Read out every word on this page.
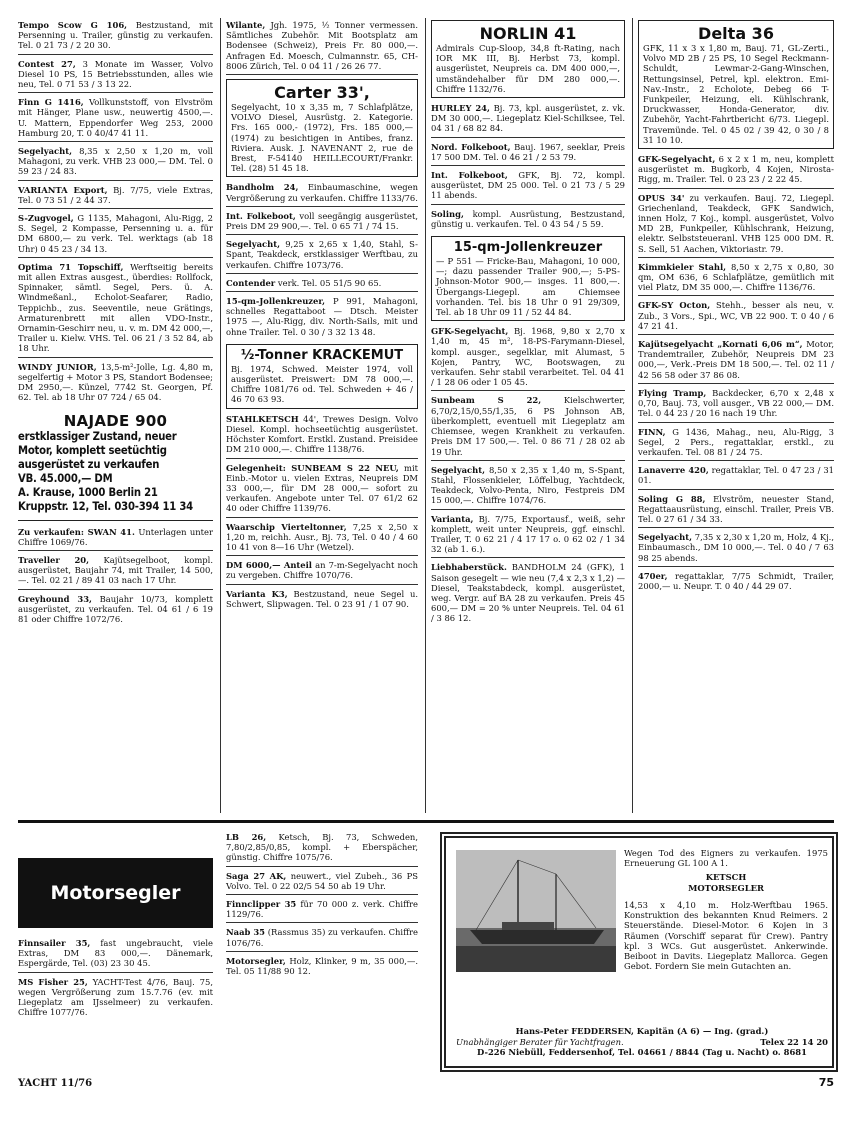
Tempo Scow G 106, Bestzustand, mit Persenning u. Trailer, günstig zu verkaufen. Tel. 0 21 73 / 2 20 30.

Contest 27, 3 Monate im Wasser, Volvo Diesel 10 PS, 15 Betriebsstunden, alles wie neu, Tel. 0 71 53 / 3 13 22.

Finn G 1416, Vollkunststoff, von Elvström mit Hänger, Plane usw., neuwertig 4500,—. U. Mattern, Eppendorfer Weg 253, 2000 Hamburg 20, T. 0 40/47 41 11.

Segelyacht, 8,35 x 2,50 x 1,20 m, voll Mahagoni, zu verk. VHB 23 000,— DM. Tel. 0 59 23 / 24 83.

VARIANTA Export, Bj. 7/75, viele Extras, Tel. 0 73 51 / 2 44 37.

S-Zugvogel, G 1135, Mahagoni, Alu-Rigg, 2 S. Segel, 2 Kompasse, Persenning u. a. für DM 6800,— zu verk. Tel. werktags (ab 18 Uhr) 0 45 23 / 34 13.

Optima 71 Topschiff, Werftseitig bereits mit allen Extras ausgest., überdies: Rollfock, Spinnaker, sämtl. Segel, Pers. ü. A. Windmeßanl., Echolot-Seafarer, Radio, Teppichb., zus. Seeventile, neue Grätings, Armaturenbrett mit allen VDO-Instr., Ornamin-Geschirr neu, u. v. m. DM 42 000,—, Trailer u. Kielw. VHS. Tel. 06 21 / 3 52 84, ab 18 Uhr.

WINDY JUNIOR, 13,5-m²-Jolle, Lg. 4,80 m, segelfertig + Motor 3 PS, Standort Bodensee; DM 2950,—. Künzel, 7742 St. Georgen, Pf. 62. Tel. ab 18 Uhr 07 724 / 65 04.

NAJADE 900
erstklassiger Zustand, neuer
Motor, komplett seetüchtig
ausgerüstet zu verkaufen
VB. 45.000,— DM
A. Krause, 1000 Berlin 21
Kruppstr. 12, Tel. 030-394 11 34

Zu verkaufen: SWAN 41. Unterlagen unter Chiffre 1069/76.

Traveller 20, Kajütsegelboot, kompl. ausgerüstet, Baujahr 74, mit Trailer, 14 500,—. Tel. 02 21 / 89 41 03 nach 17 Uhr.

Greyhound 33, Baujahr 10/73, komplett ausgerüstet, zu verkaufen. Tel. 04 61 / 6 19 81 oder Chiffre 1072/76.

Wilante, Jgh. 1975, ½ Tonner vermessen. Sämtliches Zubehör. Mit Bootsplatz am Bodensee (Schweiz), Preis Fr. 80 000,—. Anfragen Ed. Moesch, Culmannstr. 65, CH-8006 Zürich, Tel. 0 04 11 / 26 26 77.

Carter 33',
Segelyacht, 10 x 3,35 m, 7 Schlafplätze, VOLVO Diesel, Ausrüstg. 2. Kategorie. Frs. 165 000,- (1972), Frs. 185 000,— (1974) zu besichtigen in Antibes, franz. Riviera. Ausk. J. NAVENANT 2, rue de Brest, F-54140 HEILLECOURT/Frankr. Tel. (28) 51 45 18.

Bandholm 24, Einbaumaschine, wegen Vergrößerung zu verkaufen. Chiffre 1133/76.

Int. Folkeboot, voll seegängig ausgerüstet, Preis DM 29 900,—. Tel. 0 65 71 / 74 15.

Segelyacht, 9,25 x 2,65 x 1,40, Stahl, S-Spant, Teakdeck, erstklassiger Werftbau, zu verkaufen. Chiffre 1073/76.

Contender verk. Tel. 05 51/5 90 65.

15-qm-Jollenkreuzer, P 991, Mahagoni, schnelles Regattaboot — Dtsch. Meister 1975 —, Alu-Rigg, div. North-Sails, mit und ohne Trailer. Tel. 0 30 / 3 32 13 48.

½-Tonner KRACKEMUT
Bj. 1974, Schwed. Meister 1974, voll ausgerüstet. Preiswert: DM 78 000,—. Chiffre 1081/76 od. Tel. Schweden + 46 / 46 70 63 93.

STAHLKETSCH 44', Trewes Design. Volvo Diesel. Kompl. hochseetüchtig ausgerüstet. Höchster Komfort. Erstkl. Zustand. Preisidee DM 210 000,—. Chiffre 1138/76.

Gelegenheit: SUNBEAM S 22 NEU, mit Einb.-Motor u. vielen Extras, Neupreis DM 33 000,—, für DM 28 000,— sofort zu verkaufen. Angebote unter Tel. 07 61/2 62 40 oder Chiffre 1139/76.

Waarschip Vierteltonner, 7,25 x 2,50 x 1,20 m, reichh. Ausr., Bj. 73, Tel. 0 40 / 4 60 10 41 von 8—16 Uhr (Wetzel).

DM 6000,— Anteil an 7-m-Segelyacht noch zu vergeben. Chiffre 1070/76.

Varianta K3, Bestzustand, neue Segel u. Schwert, Slipwagen. Tel. 0 23 91 / 1 07 90.

NORLIN 41
Admirals Cup-Sloop, 34,8 ft-Rating, nach IOR MK III, Bj. Herbst 73, kompl. ausgerüstet, Neupreis ca. DM 400 000,—, umständehalber für DM 280 000,—. Chiffre 1132/76.

HURLEY 24, Bj. 73, kpl. ausgerüstet, z. vk. DM 30 000,—. Liegeplatz Kiel-Schilksee, Tel. 04 31 / 68 82 84.

Nord. Folkeboot, Bauj. 1967, seeklar, Preis 17 500 DM. Tel. 0 46 21 / 2 53 79.

Int. Folkeboot, GFK, Bj. 72, kompl. ausgerüstet, DM 25 000. Tel. 0 21 73 / 5 29 11 abends.

Soling, kompl. Ausrüstung, Bestzustand, günstig u. verkaufen. Tel. 0 43 54 / 5 59.

15-qm-Jollenkreuzer
— P 551 — Fricke-Bau, Mahagoni, 10 000,—; dazu passender Trailer 900,—; 5-PS-Johnson-Motor 900,— insges. 11 800,—. Übergangs-Liegepl. am Chiemsee vorhanden. Tel. bis 18 Uhr 0 91 29/309, Tel. ab 18 Uhr 09 11 / 52 44 84.

GFK-Segelyacht, Bj. 1968, 9,80 x 2,70 x 1,40 m, 45 m², 18-PS-Farymann-Diesel, kompl. ausger., segelklar, mit Alumast, 5 Kojen, Pantry, WC, Bootswagen, zu verkaufen. Sehr stabil verarbeitet. Tel. 04 41 / 1 28 06 oder 1 05 45.

Sunbeam S 22,	Kielschwerter, 6,70/2,15/0,55/1,35, 6 PS Johnson AB, überkomplett, eventuell mit Liegeplatz am Chiemsee, wegen Krankheit zu verkaufen. Preis DM 17 500,—. Tel. 0 86 71 / 28 02 ab 19 Uhr.

Segelyacht, 8,50 x 2,35 x 1,40 m, S-Spant, Stahl, Flossenkieler, Löffelbug, Yachtdeck, Teakdeck, Volvo-Penta, Niro, Festpreis DM 15 000,—. Chiffre 1074/76.

Varianta, Bj. 7/75, Exportausf., weiß, sehr komplett, weit unter Neupreis, ggf. einschl. Trailer, T. 0 62 21 / 4 17 17 o. 0 62 02 / 1 34 32 (ab 1. 6.).

Liebhaberstück. BANDHOLM 24 (GFK), 1 Saison gesegelt — wie neu (7,4 x 2,3 x 1,2) — Diesel, Teakstabdeck, kompl. ausgerüstet, weg. Vergr. auf BA 28 zu verkaufen. Preis 45 600,— DM = 20 % unter Neupreis. Tel. 04 61 / 3 86 12.

Delta 36
GFK, 11 x 3 x 1,80 m, Bauj. 71, GL-Zerti., Volvo MD 2B / 25 PS, 10 Segel Reckmann-Schuldt, Lewmar-2-Gang-Winschen, Rettungsinsel, Petrel, kpl. elektron. Emi-Nav.-Instr., 2 Echolote, Debeg 66 T-Funkpeiler, Heizung, eli. Kühlschrank, Druckwasser, Honda-Generator, div. Zubehör, Yacht-Fahrtbericht 6/73. Liegepl. Travemünde. Tel. 0 45 02 / 39 42, 0 30 / 8 31 10 10.

GFK-Segelyacht, 6 x 2 x 1 m, neu, komplett ausgerüstet m. Bugkorb, 4 Kojen, Nirosta-Rigg, m. Trailer. Tel. 0 23 23 / 2 22 45.

OPUS 34' zu verkaufen. Bauj. 72, Liegepl. Griechenland, Teakdeck, GFK Sandwich, innen Holz, 7 Koj., kompl. ausgerüstet, Volvo MD 2B, Funkpeiler, Kühlschrank, Heizung, elektr. Selbststeueranl. VHB 125 000 DM. R. S. Sell, 51 Aachen, Viktoriastr. 79.

Kimmkieler Stahl, 8,50 x 2,75 x 0,80, 30 qm, OM 636, 6 Schlafplätze, gemütlich mit viel Platz, DM 35 000,—. Chiffre 1136/76.

GFK-SY Octon, Stehh., besser als neu, v. Zub., 3 Vors., Spi., WC, VB 22 900. T. 0 40 / 6 47 21 41.

Kajütsegelyacht „Kornati 6,06 m“, Motor, Trandemtrailer, Zubehör, Neupreis DM 23 000,—, Verk.-Preis DM 18 500,—. Tel. 02 11 / 42 56 58 oder 37 86 08.

Flying Tramp, Backdecker, 6,70 x 2,48 x 0,70, Bauj. 73, voll ausger., VB 22 000,— DM. Tel. 0 44 23 / 20 16 nach 19 Uhr.

FINN, G 1436, Mahag., neu, Alu-Rigg, 3 Segel, 2 Pers., regattaklar, erstkl., zu verkaufen. Tel. 08 81 / 24 75.

Lanaverre 420, regattaklar, Tel. 0 47 23 / 31 01.

Soling G 88, Elvström, neuester Stand, Regattaausrüstung, einschl. Trailer, Preis VB. Tel. 0 27 61 / 34 33.

Segelyacht, 7,35 x 2,30 x 1,20 m, Holz, 4 Kj., Einbaumasch., DM 10 000,—. Tel. 0 40 / 7 63 98 25 abends.

470er, regattaklar, 7/75 Schmidt, Trailer, 2000,— u. Neupr. T. 0 40 / 44 29 07.

Motorsegler

Finnsailer 35, fast ungebraucht, viele Extras, DM 83 000,—. Dänemark, Espergärde, Tel. (03) 23 30 45.

MS Fisher 25, YACHT-Test 4/76, Bauj. 75, wegen Vergrößerung zum 15.7.76 (ev. mit Liegeplatz am IJsselmeer) zu verkaufen. Chiffre 1077/76.

LB 26, Ketsch, Bj. 73, Schweden, 7,80/2,85/0,85, kompl. + Eberspächer, günstig. Chiffre 1075/76.

Saga 27 AK, neuwert., viel Zubeh., 36 PS Volvo. Tel. 0 22 02/5 54 50 ab 19 Uhr.

Finnclipper 35 für 70 000 z. verk. Chiffre 1129/76.

Naab 35 (Rassmus 35) zu verkaufen. Chiffre 1076/76.

Motorsegler, Holz, Klinker, 9 m, 35 000,—. Tel. 05 11/88 90 12.

Wegen Tod des Eigners zu verkaufen. 1975 Erneuerung GL 100 A 1.
KETSCH
MOTORSEGLER
14,53 x 4,10 m. Holz-Werftbau 1965. Konstruktion des bekannten Knud Reimers. 2 Steuerstände. Diesel-Motor. 6 Kojen in 3 Räumen (Vorschiff separat für Crew). Pantry kpl. 3 WCs. Gut ausgerüstet. Ankerwinde. Beiboot in Davits. Liegeplatz Mallorca. Gegen Gebot. Fordern Sie mein Gutachten an.
Hans-Peter FEDDERSEN, Kapitän (A 6) — Ing. (grad.)
Unabhängiger Berater für Yachtfragen.	Telex 22 14 20
D-226 Niebüll, Feddersenhof, Tel. 04661 / 8844 (Tag u. Nacht) o. 8681
YACHT 11/76	75
